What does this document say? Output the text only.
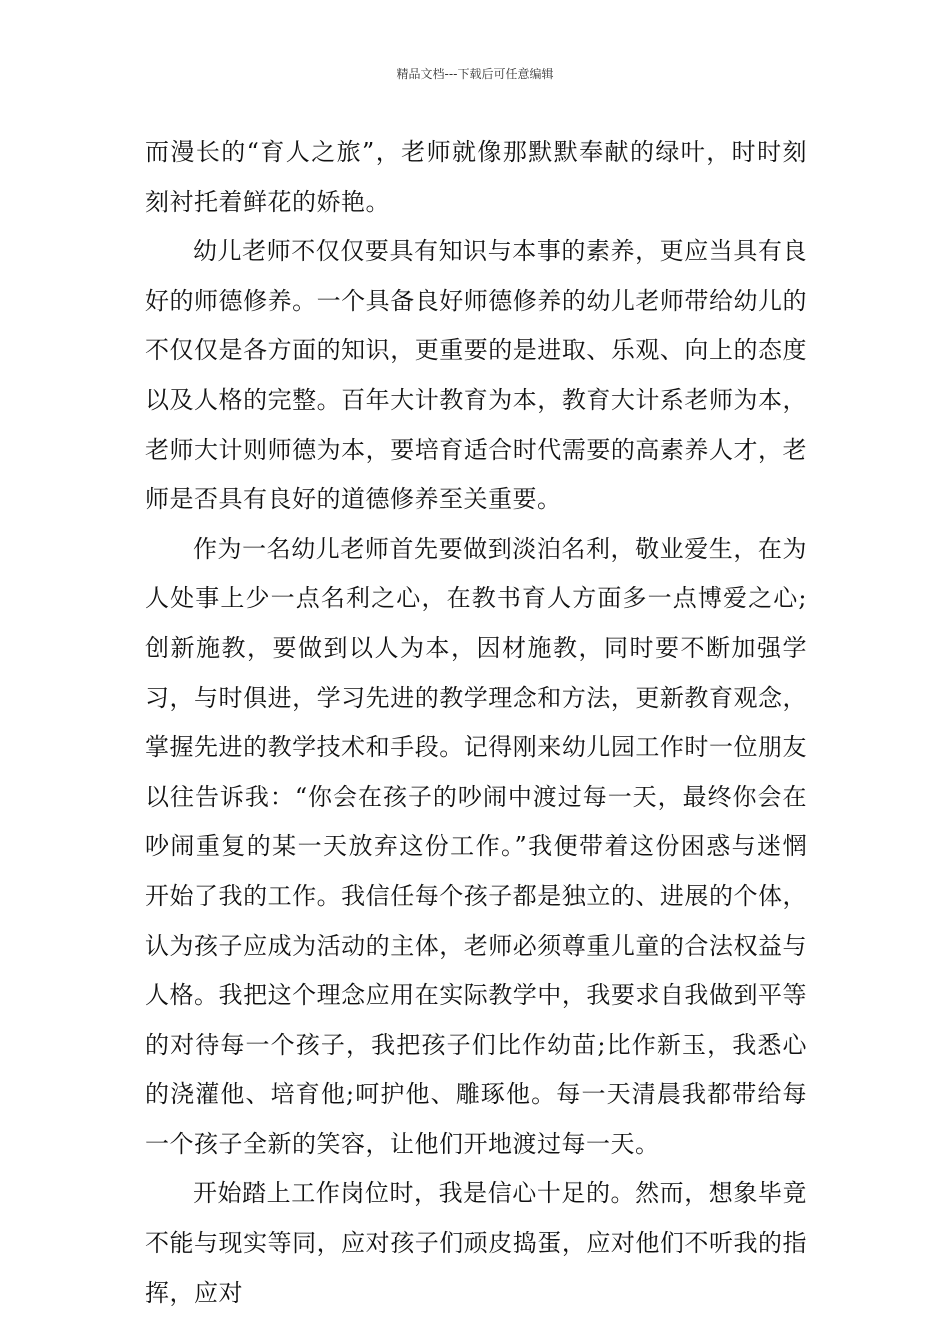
精品文档---下载后可任意编辑

而漫长的“育人之旅”，老师就像那默默奉献的绿叶，时时刻刻衬托着鲜花的娇艳。

幼儿老师不仅仅要具有知识与本事的素养，更应当具有良好的师德修养。一个具备良好师德修养的幼儿老师带给幼儿的不仅仅是各方面的知识，更重要的是进取、乐观、向上的态度以及人格的完整。百年大计教育为本，教育大计系老师为本，老师大计则师德为本，要培育适合时代需要的高素养人才，老师是否具有良好的道德修养至关重要。

作为一名幼儿老师首先要做到淡泊名利，敬业爱生，在为人处事上少一点名利之心，在教书育人方面多一点博爱之心;创新施教，要做到以人为本，因材施教，同时要不断加强学习，与时俱进，学习先进的教学理念和方法，更新教育观念，掌握先进的教学技术和手段。记得刚来幼儿园工作时一位朋友以往告诉我：“你会在孩子的吵闹中渡过每一天，最终你会在吵闹重复的某一天放弃这份工作。”我便带着这份困惑与迷惘开始了我的工作。我信任每个孩子都是独立的、进展的个体，认为孩子应成为活动的主体，老师必须尊重儿童的合法权益与人格。我把这个理念应用在实际教学中，我要求自我做到平等的对待每一个孩子，我把孩子们比作幼苗;比作新玉，我悉心的浇灌他、培育他;呵护他、雕琢他。每一天清晨我都带给每一个孩子全新的笑容，让他们开地渡过每一天。

开始踏上工作岗位时，我是信心十足的。然而，想象毕竟不能与现实等同，应对孩子们顽皮捣蛋，应对他们不听我的指挥，应对
